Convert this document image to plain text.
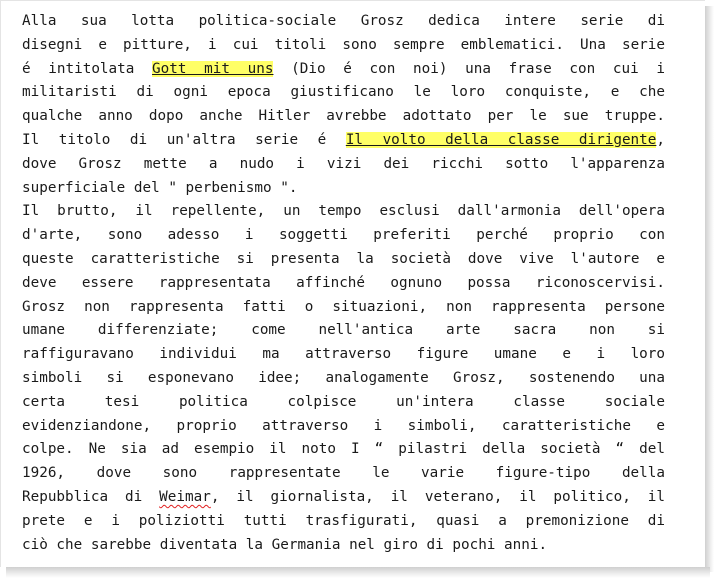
Alla sua lotta politica-sociale Grosz dedica intere serie di
disegni e pitture, i cui titoli sono sempre emblematici. Una serie
é intitolata Gott mit uns (Dio é con noi) una frase con cui i
militaristi di ogni epoca giustificano le loro conquiste, e che
qualche anno dopo anche Hitler avrebbe adottato per le sue truppe.
Il titolo di un'altra serie é Il volto della classe dirigente,
dove Grosz mette a nudo i vizi dei ricchi sotto l'apparenza
superficiale del " perbenismo ".
Il brutto, il repellente, un tempo esclusi dall'armonia dell'opera
d'arte, sono adesso i soggetti preferiti perché proprio con
queste caratteristiche si presenta la società dove vive l'autore e
deve essere rappresentata affinché ognuno possa riconoscervisi.
Grosz non rappresenta fatti o situazioni, non rappresenta persone
umane differenziate; come nell'antica arte sacra non si
raffiguravano individui ma attraverso figure umane e i loro
simboli si esponevano idee; analogamente Grosz, sostenendo una
certa tesi politica colpisce un'intera classe sociale
evidenziandone, proprio attraverso i simboli, caratteristiche e
colpe. Ne sia ad esempio il noto I “ pilastri della società “ del
1926, dove sono rappresentate le varie figure-tipo della
Repubblica di Weimar, il giornalista, il veterano, il politico, il
prete e i poliziotti tutti trasfigurati, quasi a premonizione di
ciò che sarebbe diventata la Germania nel giro di pochi anni.
